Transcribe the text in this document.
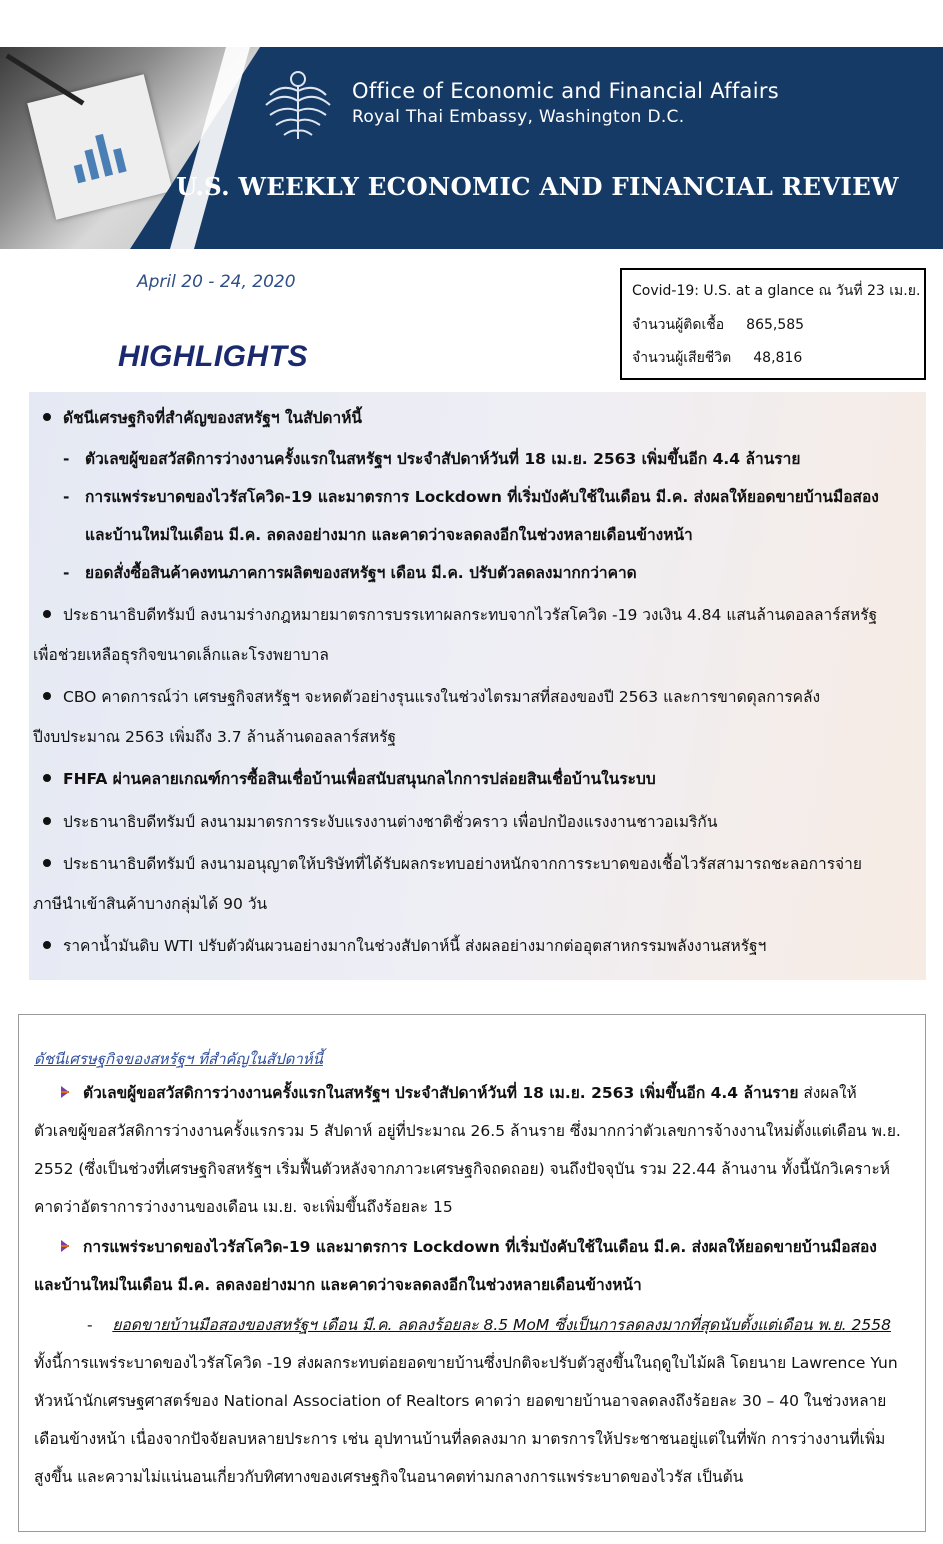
Office of Economic and Financial Affairs
Royal Thai Embassy, Washington D.C.
U.S. WEEKLY ECONOMIC AND FINANCIAL REVIEW
April 20 - 24, 2020
HIGHLIGHTS
Covid-19: U.S. at a glance ณ วันที่ 23 เม.ย.
จำนวนผู้ติดเชื้อ 865,585
จำนวนผู้เสียชีวิต 48,816
ดัชนีเศรษฐกิจที่สำคัญของสหรัฐฯ ในสัปดาห์นี้
- ตัวเลขผู้ขอสวัสดิการว่างงานครั้งแรกในสหรัฐฯ ประจำสัปดาห์วันที่ 18 เม.ย. 2563 เพิ่มขึ้นอีก 4.4 ล้านราย
- การแพร่ระบาดของไวรัสโควิด-19 และมาตรการ Lockdown ที่เริ่มบังคับใช้ในเดือน มี.ค. ส่งผลให้ยอดขายบ้านมือสอง
และบ้านใหม่ในเดือน มี.ค. ลดลงอย่างมาก และคาดว่าจะลดลงอีกในช่วงหลายเดือนข้างหน้า
- ยอดสั่งซื้อสินค้าคงทนภาคการผลิตของสหรัฐฯ เดือน มี.ค. ปรับตัวลดลงมากกว่าคาด
ประธานาธิบดีทรัมป์ ลงนามร่างกฎหมายมาตรการบรรเทาผลกระทบจากไวรัสโควิด -19 วงเงิน 4.84 แสนล้านดอลลาร์สหรัฐ
เพื่อช่วยเหลือธุรกิจขนาดเล็กและโรงพยาบาล
CBO คาดการณ์ว่า เศรษฐกิจสหรัฐฯ จะหดตัวอย่างรุนแรงในช่วงไตรมาสที่สองของปี 2563 และการขาดดุลการคลัง
ปีงบประมาณ 2563 เพิ่มถึง 3.7 ล้านล้านดอลลาร์สหรัฐ
FHFA ผ่านคลายเกณฑ์การซื้อสินเชื่อบ้านเพื่อสนับสนุนกลไกการปล่อยสินเชื่อบ้านในระบบ
ประธานาธิบดีทรัมป์ ลงนามมาตรการระงับแรงงานต่างชาติชั่วคราว เพื่อปกป้องแรงงานชาวอเมริกัน
ประธานาธิบดีทรัมป์ ลงนามอนุญาตให้บริษัทที่ได้รับผลกระทบอย่างหนักจากการระบาดของเชื้อไวรัสสามารถชะลอการจ่าย
ภาษีนำเข้าสินค้าบางกลุ่มได้ 90 วัน
ราคาน้ำมันดิบ WTI ปรับตัวผันผวนอย่างมากในช่วงสัปดาห์นี้ ส่งผลอย่างมากต่ออุตสาหกรรมพลังงานสหรัฐฯ
ดัชนีเศรษฐกิจของสหรัฐฯ ที่สำคัญในสัปดาห์นี้
ตัวเลขผู้ขอสวัสดิการว่างงานครั้งแรกในสหรัฐฯ ประจำสัปดาห์วันที่ 18 เม.ย. 2563 เพิ่มขึ้นอีก 4.4 ล้านราย ส่งผลให้
ตัวเลขผู้ขอสวัสดิการว่างงานครั้งแรกรวม 5 สัปดาห์ อยู่ที่ประมาณ 26.5 ล้านราย ซึ่งมากกว่าตัวเลขการจ้างงานใหม่ตั้งแต่เดือน พ.ย.
2552 (ซึ่งเป็นช่วงที่เศรษฐกิจสหรัฐฯ เริ่มฟื้นตัวหลังจากภาวะเศรษฐกิจถดถอย) จนถึงปัจจุบัน รวม 22.44 ล้านงาน ทั้งนี้นักวิเคราะห์
คาดว่าอัตราการว่างงานของเดือน เม.ย. จะเพิ่มขึ้นถึงร้อยละ 15
การแพร่ระบาดของไวรัสโควิด-19 และมาตรการ Lockdown ที่เริ่มบังคับใช้ในเดือน มี.ค. ส่งผลให้ยอดขายบ้านมือสอง
และบ้านใหม่ในเดือน มี.ค. ลดลงอย่างมาก และคาดว่าจะลดลงอีกในช่วงหลายเดือนข้างหน้า
- ยอดขายบ้านมือสองของสหรัฐฯ เดือน มี.ค. ลดลงร้อยละ 8.5 MoM ซึ่งเป็นการลดลงมากที่สุดนับตั้งแต่เดือน พ.ย. 2558
ทั้งนี้การแพร่ระบาดของไวรัสโควิด -19 ส่งผลกระทบต่อยอดขายบ้านซึ่งปกติจะปรับตัวสูงขึ้นในฤดูใบไม้ผลิ โดยนาย Lawrence Yun
หัวหน้านักเศรษฐศาสตร์ของ National Association of Realtors คาดว่า ยอดขายบ้านอาจลดลงถึงร้อยละ 30 – 40 ในช่วงหลาย
เดือนข้างหน้า เนื่องจากปัจจัยลบหลายประการ เช่น อุปทานบ้านที่ลดลงมาก มาตรการให้ประชาชนอยู่แต่ในที่พัก การว่างงานที่เพิ่ม
สูงขึ้น และความไม่แน่นอนเกี่ยวกับทิศทางของเศรษฐกิจในอนาคตท่ามกลางการแพร่ระบาดของไวรัส เป็นต้น
